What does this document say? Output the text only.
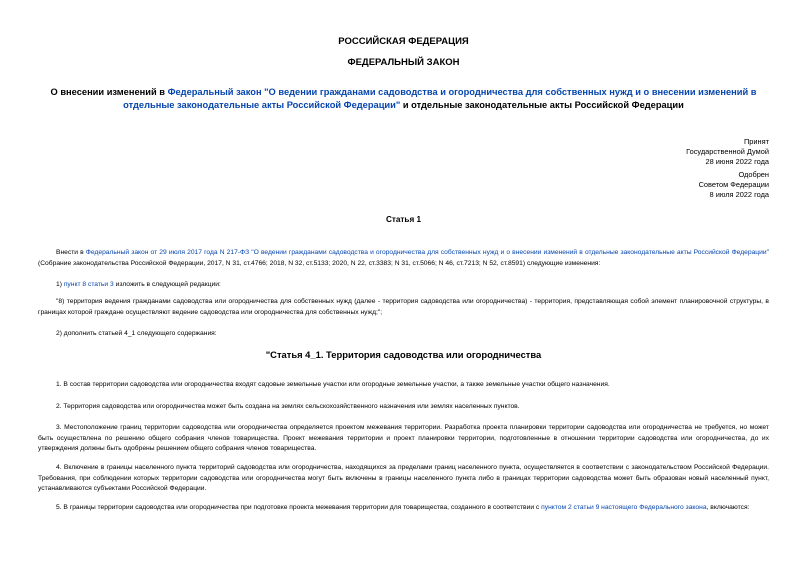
РОССИЙСКАЯ ФЕДЕРАЦИЯ
ФЕДЕРАЛЬНЫЙ ЗАКОН
О внесении изменений в Федеральный закон "О ведении гражданами садоводства и огородничества для собственных нужд и о внесении изменений в отдельные законодательные акты Российской Федерации" и отдельные законодательные акты Российской Федерации
Принят
Государственной Думой
28 июня 2022 года
Одобрен
Советом Федерации
8 июля 2022 года
Статья 1
Внести в Федеральный закон от 29 июля 2017 года N 217-ФЗ "О ведении гражданами садоводства и огородничества для собственных нужд и о внесении изменений в отдельные законодательные акты Российской Федерации" (Собрание законодательства Российской Федерации, 2017, N 31, ст.4766; 2018, N 32, ст.5133; 2020, N 22, ст.3383; N 31, ст.5066; N 46, ст.7213; N 52, ст.8591) следующие изменения:
1) пункт 8 статьи 3 изложить в следующей редакции:
"8) территория ведения гражданами садоводства или огородничества для собственных нужд (далее - территория садоводства или огородничества) - территория, представляющая собой элемент планировочной структуры, в границах которой граждане осуществляют ведение садоводства или огородничества для собственных нужд;";
2) дополнить статьей 4_1 следующего содержания:
"Статья 4_1. Территория садоводства или огородничества
1. В состав территории садоводства или огородничества входят садовые земельные участки или огородные земельные участки, а также земельные участки общего назначения.
2. Территория садоводства или огородничества может быть создана на землях сельскохозяйственного назначения или землях населенных пунктов.
3. Местоположение границ территории садоводства или огородничества определяется проектом межевания территории. Разработка проекта планировки территории садоводства или огородничества не требуется, но может быть осуществлена по решению общего собрания членов товарищества. Проект межевания территории и проект планировки территории, подготовленные в отношении территории садоводства или огородничества, до их утверждения должны быть одобрены решением общего собрания членов товарищества.
4. Включение в границы населенного пункта территорий садоводства или огородничества, находящихся за пределами границ населенного пункта, осуществляется в соответствии с законодательством Российской Федерации. Требования, при соблюдении которых территории садоводства или огородничества могут быть включены в границы населенного пункта либо в границах территории садоводства может быть образован новый населенный пункт, устанавливаются субъектами Российской Федерации.
5. В границы территории садоводства или огородничества при подготовке проекта межевания территории для товарищества, созданного в соответствии с пунктом 2 статьи 9 настоящего Федерального закона, включаются:
